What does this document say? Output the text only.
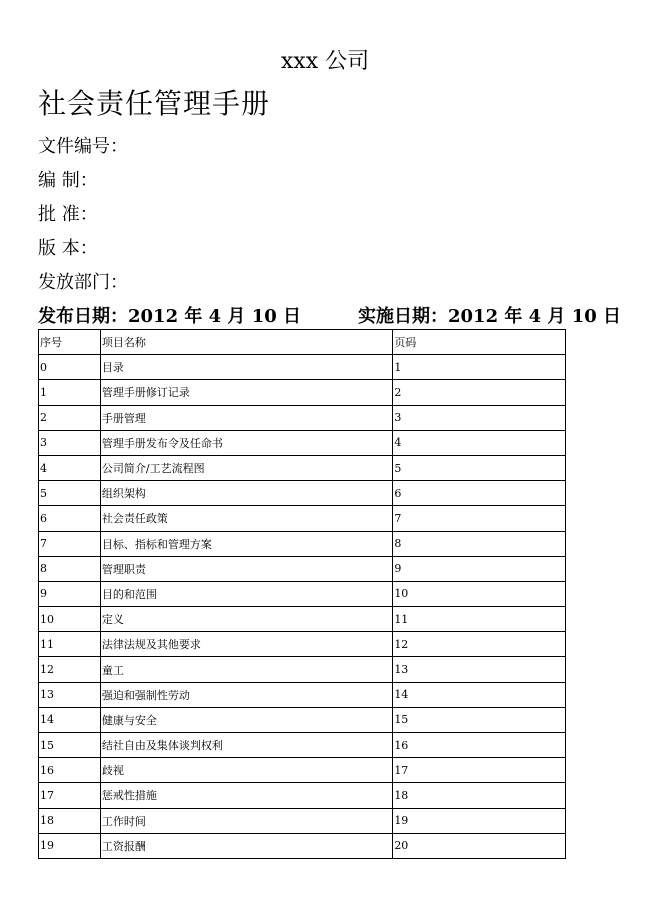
xxx 公司
社会责任管理手册
文件编号：
编 制：
批 准：
版 本：
发放部门：
发布日期：2012 年 4 月 10 日	实施日期：2012 年 4 月 10 日
序号	项目名称	页码
0	目录	1
1	管理手册修订记录	2
2	手册管理	3
3	管理手册发布令及任命书	4
4	公司简介/工艺流程图	5
5	组织架构	6
6	社会责任政策	7
7	目标、指标和管理方案	8
8	管理职责	9
9	目的和范围	10
10	定义	11
11	法律法规及其他要求	12
12	童工	13
13	强迫和强制性劳动	14
14	健康与安全	15
15	结社自由及集体谈判权利	16
16	歧视	17
17	惩戒性措施	18
18	工作时间	19
19	工资报酬	20
